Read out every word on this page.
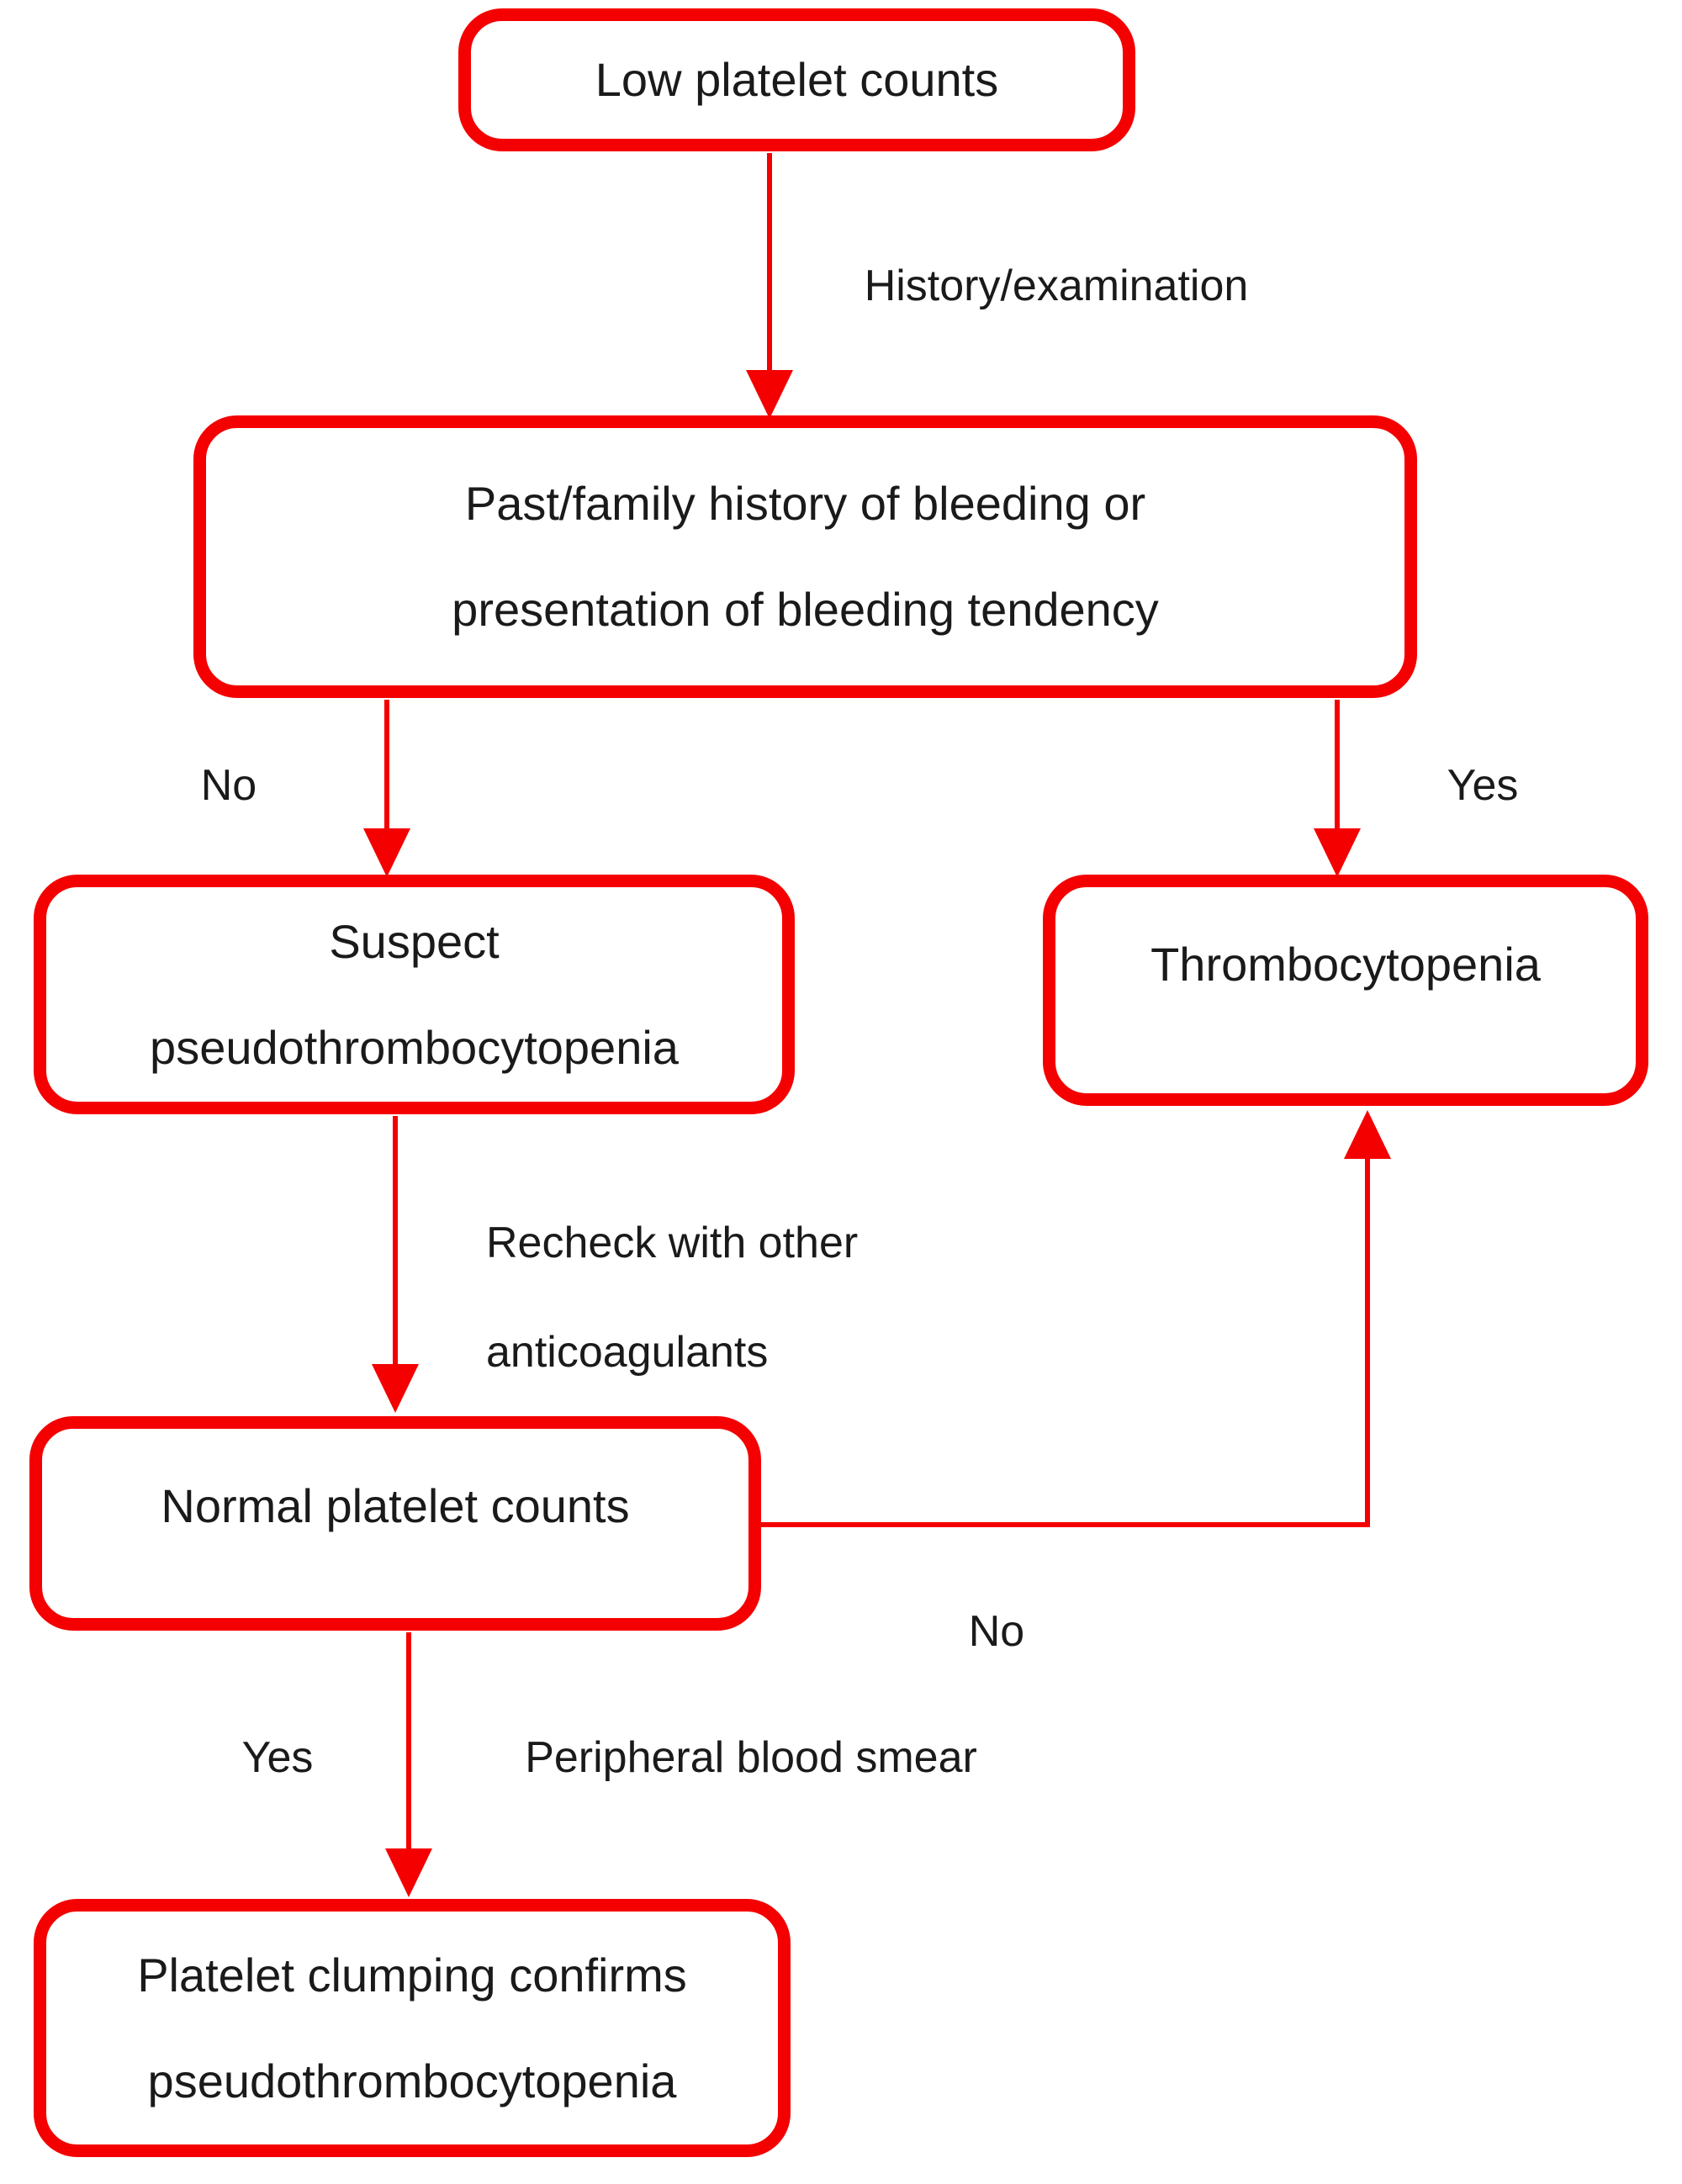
Low platelet counts
History/examination
Past/family history of bleeding or
presentation of bleeding tendency
No	Yes
Suspect
pseudothrombocytopenia
Thrombocytopenia
Recheck with other
anticoagulants
Normal platelet counts
No
Yes	Peripheral blood smear
Platelet clumping confirms
pseudothrombocytopenia
